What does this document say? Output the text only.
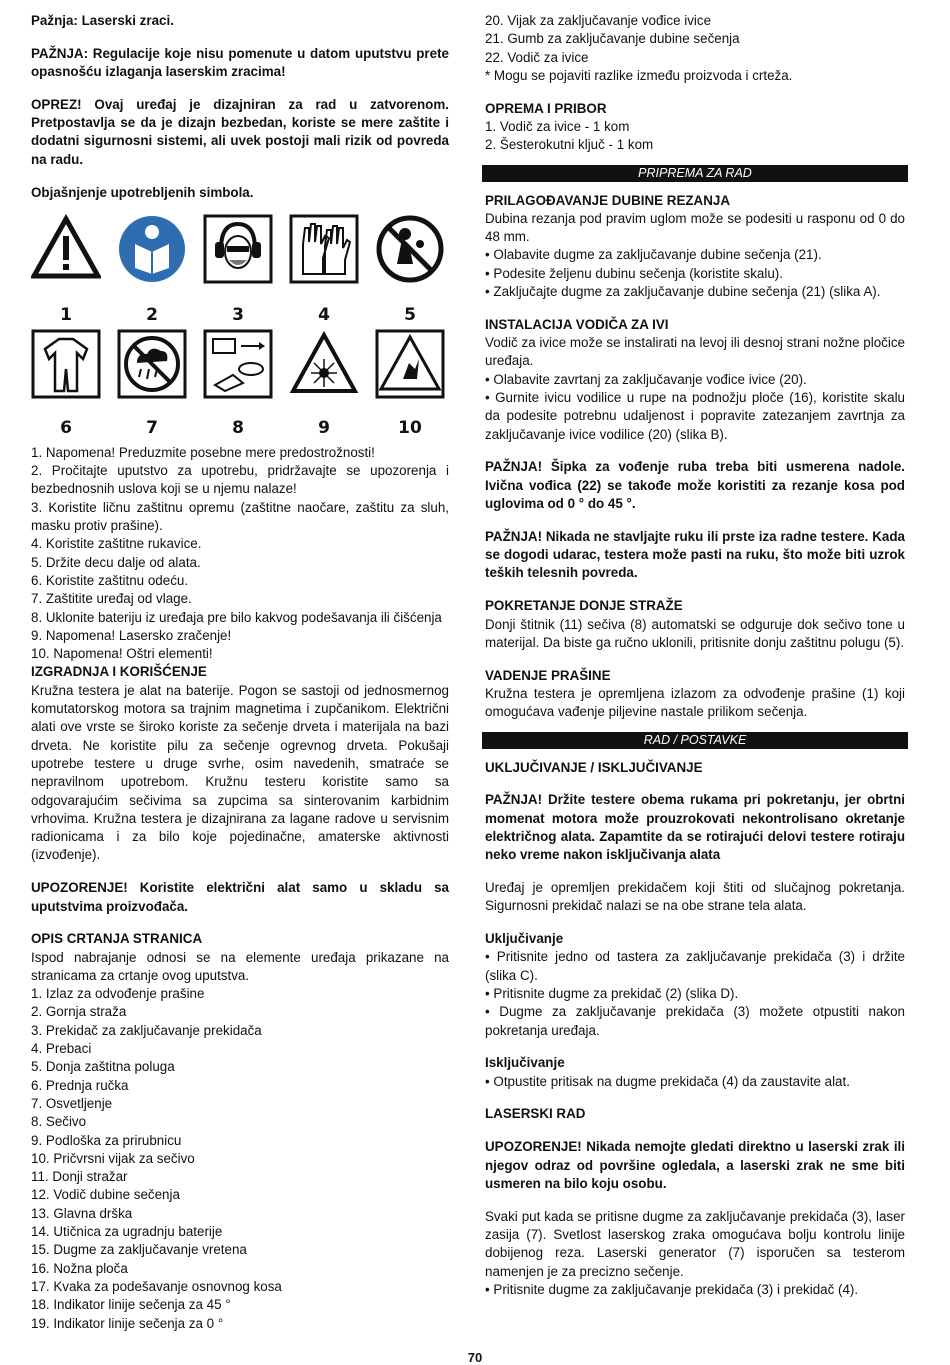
Pažnja: Laserski zraci.

PAŽNJA: Regulacije koje nisu pomenute u datom uputstvu prete opasnošću izlaganja laserskim zracima!

OPREZ! Ovaj uređaj je dizajniran za rad u zatvorenom. Pretpostavlja se da je dizajn bezbedan, koriste se mere zaštite i dodatni sigurnosni sistemi, ali uvek postoji mali rizik od povreda na radu.

Objašnjenje upotrebljenih simbola.

1	2	3	4	5
6	7	8	9	10

1. Napomena! Preduzmite posebne mere predostrožnosti!

2. Pročitajte uputstvo za upotrebu, pridržavajte se upozorenja i bezbednosnih uslova koji se u njemu nalaze!

3. Koristite ličnu zaštitnu opremu (zaštitne naočare, zaštitu za sluh, masku protiv prašine).

4. Koristite zaštitne rukavice.

5. Držite decu dalje od alata.

6. Koristite zaštitnu odeću.

7. Zaštitite uređaj od vlage.

8. Uklonite bateriju iz uređaja pre bilo kakvog podešavanja ili čišćenja

9. Napomena! Lasersko zračenje!

10. Napomena! Oštri elementi!

IZGRADNJA I KORIŠĆENJE

Kružna testera je alat na baterije. Pogon se sastoji od jednosmernog komutatorskog motora sa trajnim magnetima i zupčanikom. Električni alati ove vrste se široko koriste za sečenje drveta i materijala na bazi drveta. Ne koristite pilu za sečenje ogrevnog drveta. Pokušaji upotrebe testere u druge svrhe, osim navedenih, smatraće se nepravilnom upotrebom. Kružnu testeru koristite samo sa odgovarajućim sečivima sa zupcima sa sinterovanim karbidnim vrhovima. Kružna testera je dizajnirana za lagane radove u servisnim radionicama i za bilo koje pojedinačne, amaterske aktivnosti (izvođenje).

UPOZORENJE! Koristite električni alat samo u skladu sa uputstvima proizvođača.

OPIS CRTANJA STRANICA

Ispod nabrajanje odnosi se na elemente uređaja prikazane na stranicama za crtanje ovog uputstva.

1. Izlaz za odvođenje prašine

2. Gornja straža

3. Prekidač za zaključavanje prekidača

4. Prebaci

5. Donja zaštitna poluga

6. Prednja ručka

7. Osvetljenje

8. Sečivo

9. Podloška za prirubnicu

10. Pričvrsni vijak za sečivo

11. Donji stražar

12. Vodič dubine sečenja

13. Glavna drška

14. Utičnica za ugradnju baterije

15. Dugme za zaključavanje vretena

16. Nožna ploča

17. Kvaka za podešavanje osnovnog kosa

18. Indikator linije sečenja za 45 °

19. Indikator linije sečenja za 0 °

20. Vijak za zaključavanje vođice ivice

21. Gumb za zaključavanje dubine sečenja

22. Vodič za ivice

* Mogu se pojaviti razlike između proizvoda i crteža.

OPREMA I PRIBOR

1. Vodič za ivice - 1 kom

2. Šesterokutni ključ - 1 kom

PRIPREMA ZA RAD

PRILAGOĐAVANJE DUBINE REZANJA

Dubina rezanja pod pravim uglom može se podesiti u rasponu od 0 do 48 mm.

• Olabavite dugme za zaključavanje dubine sečenja (21).

• Podesite željenu dubinu sečenja (koristite skalu).

• Zaključajte dugme za zaključavanje dubine sečenja (21) (slika A).

INSTALACIJA VODIČA ZA IVI

Vodič za ivice može se instalirati na levoj ili desnoj strani nožne pločice uređaja.

• Olabavite zavrtanj za zaključavanje vođice ivice (20).

• Gurnite ivicu vodilice u rupe na podnožju ploče (16), koristite skalu da podesite potrebnu udaljenost i popravite zatezanjem zavrtnja za zaključavanje ivice vodilice (20) (slika B).

PAŽNJA! Šipka za vođenje ruba treba biti usmerena nadole. Ivična vođica (22) se takođe može koristiti za rezanje kosa pod uglovima od 0 ° do 45 °.

PAŽNJA! Nikada ne stavljajte ruku ili prste iza radne testere. Kada se dogodi udarac, testera može pasti na ruku, što može biti uzrok teških telesnih povreda.

POKRETANJE DONJE STRAŽE

Donji štitnik (11) sečiva (8) automatski se odguruje dok sečivo tone u materijal. Da biste ga ručno uklonili, pritisnite donju zaštitnu polugu (5).

VADENJE PRAŠINE

Kružna testera je opremljena izlazom za odvođenje prašine (1) koji omogućava vađenje piljevine nastale prilikom sečenja.

RAD / POSTAVKE

UKLJUČIVANJE / ISKLJUČIVANJE

PAŽNJA! Držite testere obema rukama pri pokretanju, jer obrtni momenat motora može prouzrokovati nekontrolisano okretanje električnog alata. Zapamtite da se rotirajući delovi testere rotiraju neko vreme nakon isključivanja alata

Uređaj je opremljen prekidačem koji štiti od slučajnog pokretanja. Sigurnosni prekidač nalazi se na obe strane tela alata.

Uključivanje

• Pritisnite jedno od tastera za zaključavanje prekidača (3) i držite (slika C).

• Pritisnite dugme za prekidač (2) (slika D).

• Dugme za zaključavanje prekidača (3) možete otpustiti nakon pokretanja uređaja.

Isključivanje

• Otpustite pritisak na dugme prekidača (4) da zaustavite alat.

LASERSKI RAD

UPOZORENJE! Nikada nemojte gledati direktno u laserski zrak ili njegov odraz od površine ogledala, a laserski zrak ne sme biti usmeren na bilo koju osobu.

Svaki put kada se pritisne dugme za zaključavanje prekidača (3), laser zasija (7). Svetlost laserskog zraka omogućava bolju kontrolu linije dobijenog reza. Laserski generator (7) isporučen sa testerom namenjen je za precizno sečenje.

• Pritisnite dugme za zaključavanje prekidača (3) i prekidač (4).

70
